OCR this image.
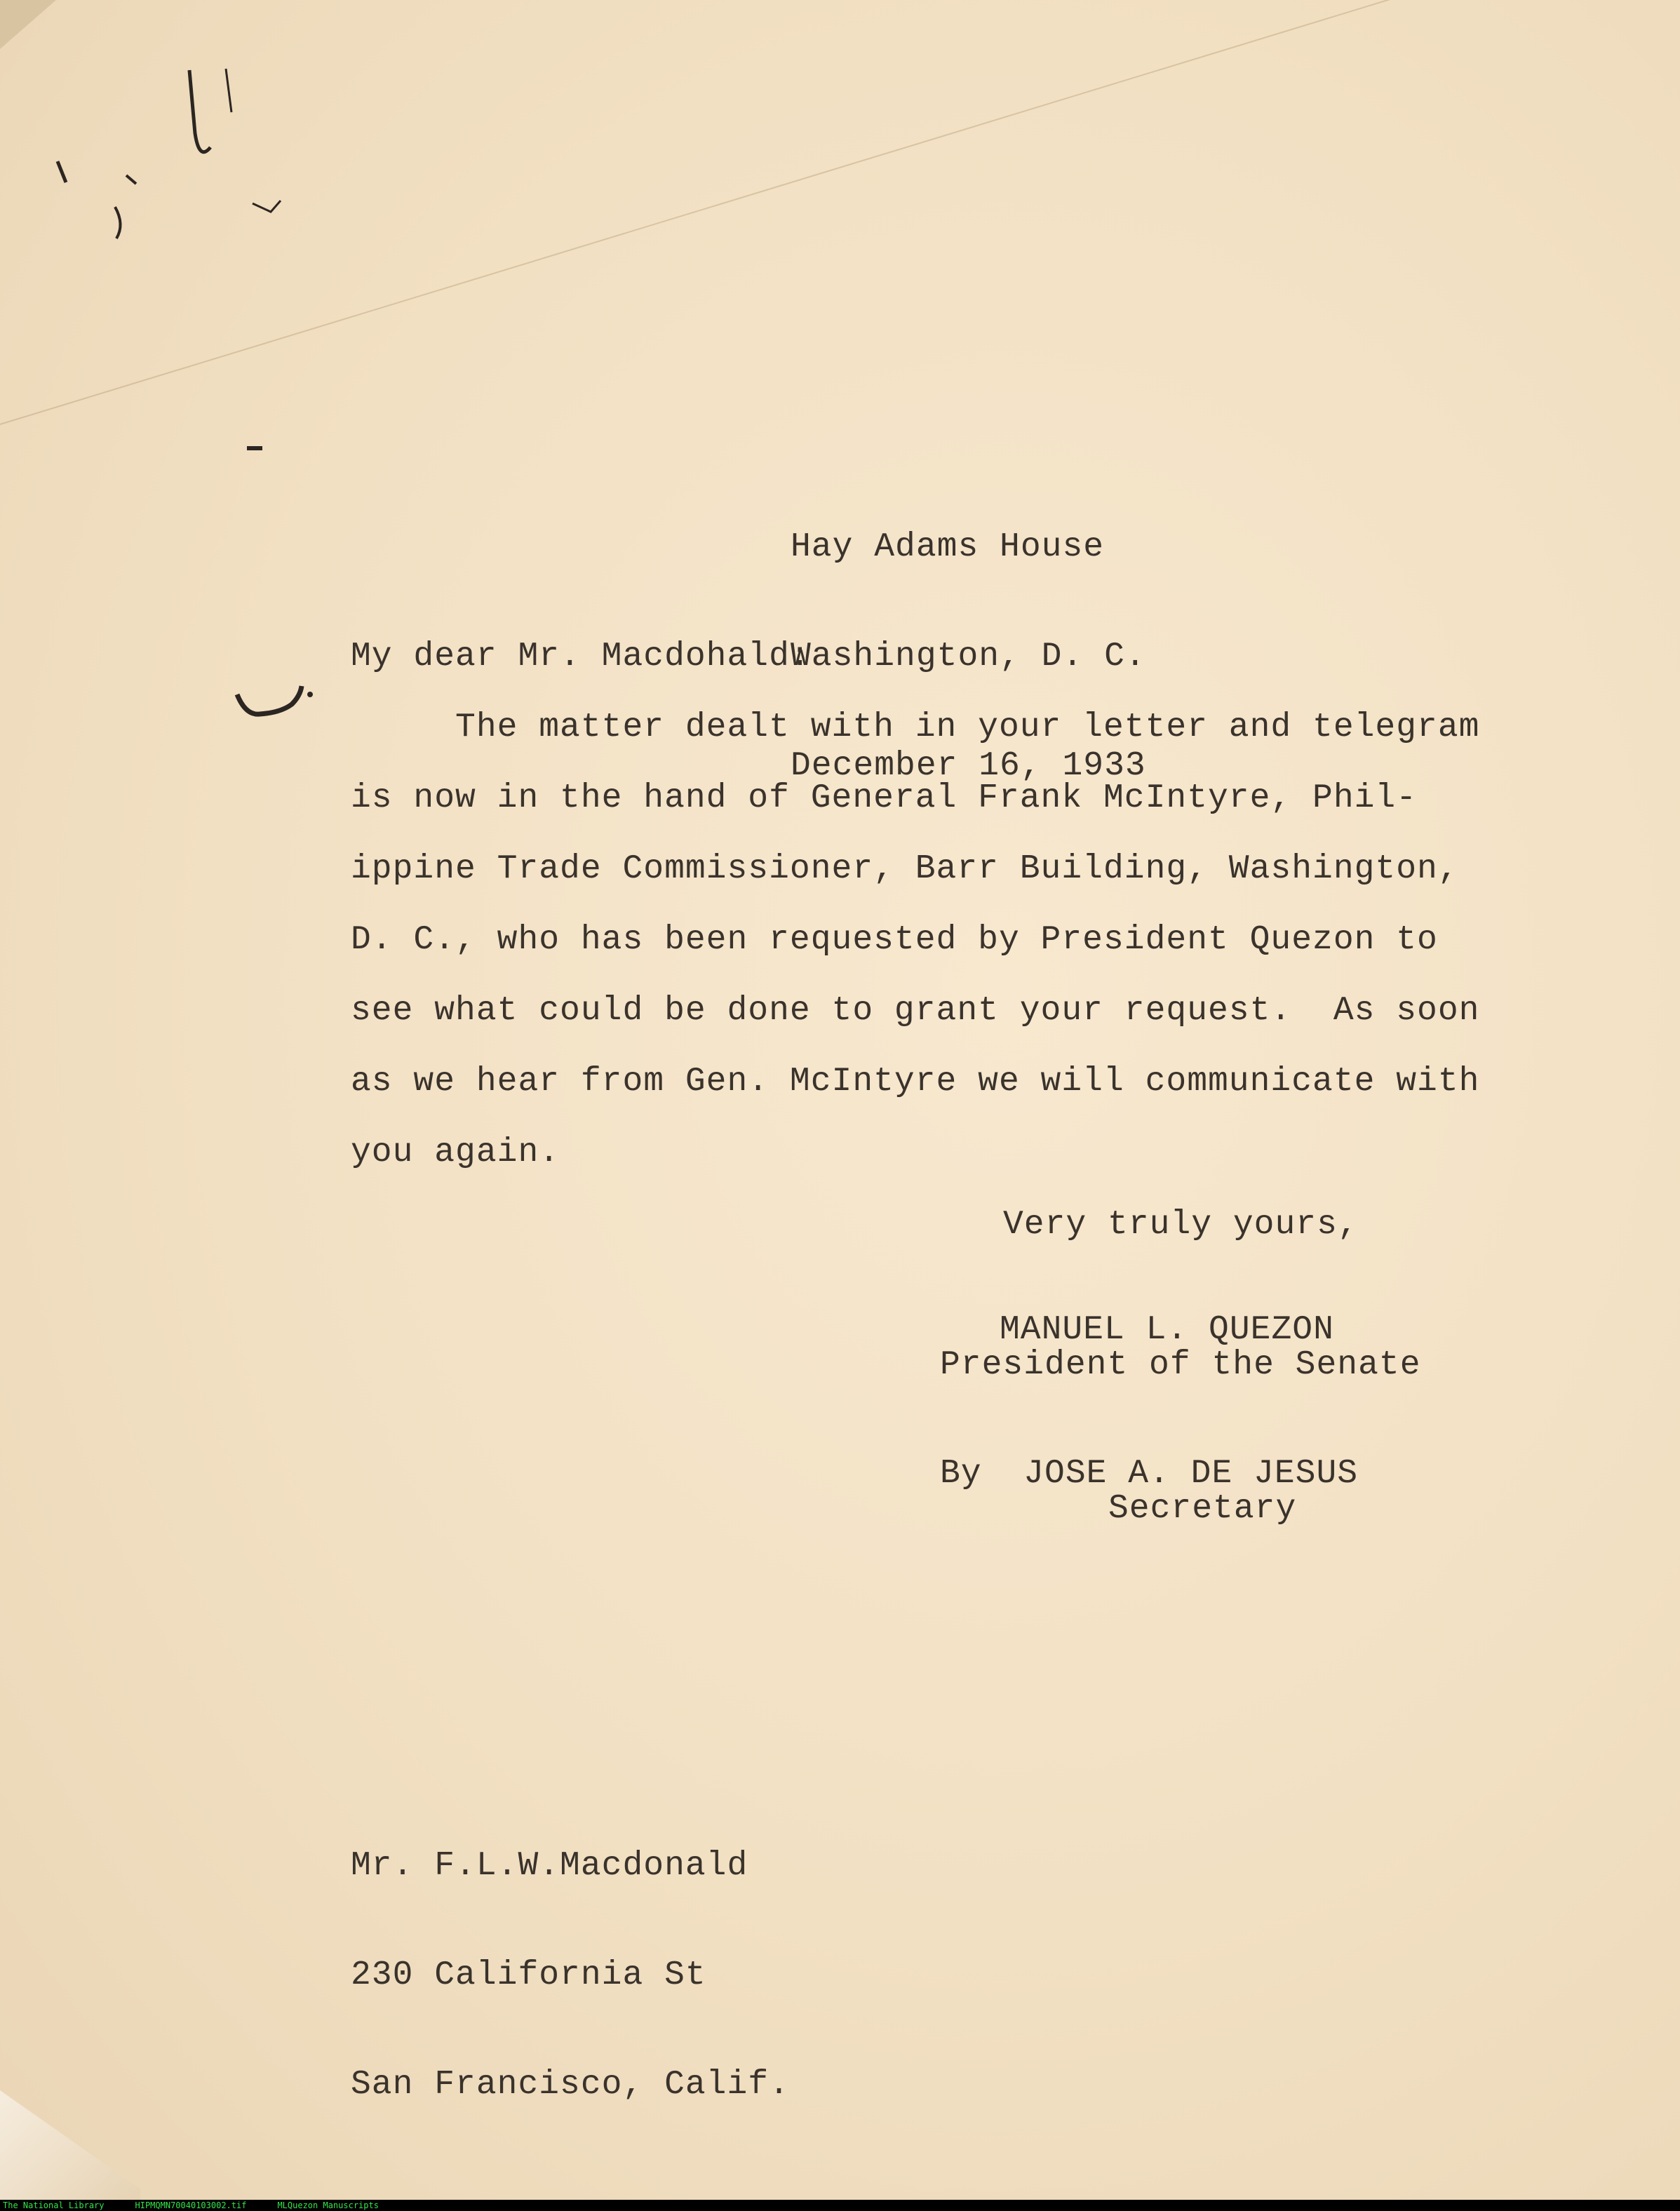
Hay Adams House

Washington, D. C.

December 16, 1933

My dear Mr. Macdohald:
The matter dealt with in your letter and telegram
is now in the hand of General Frank McIntyre, Phil-
ippine Trade Commissioner, Barr Building, Washington,
D. C., who has been requested by President Quezon to
see what could be done to grant your request.  As soon
as we hear from Gen. McIntyre we will communicate with
you again.
Very truly yours,
MANUEL L. QUEZON
President of the Senate
By  JOSE A. DE JESUS
Secretary

Mr. F.L.W.Macdonald

230 California St

San Francisco, Calif.

The National Library	HIPMQMN70040103002.tif	MLQuezon Manuscripts
